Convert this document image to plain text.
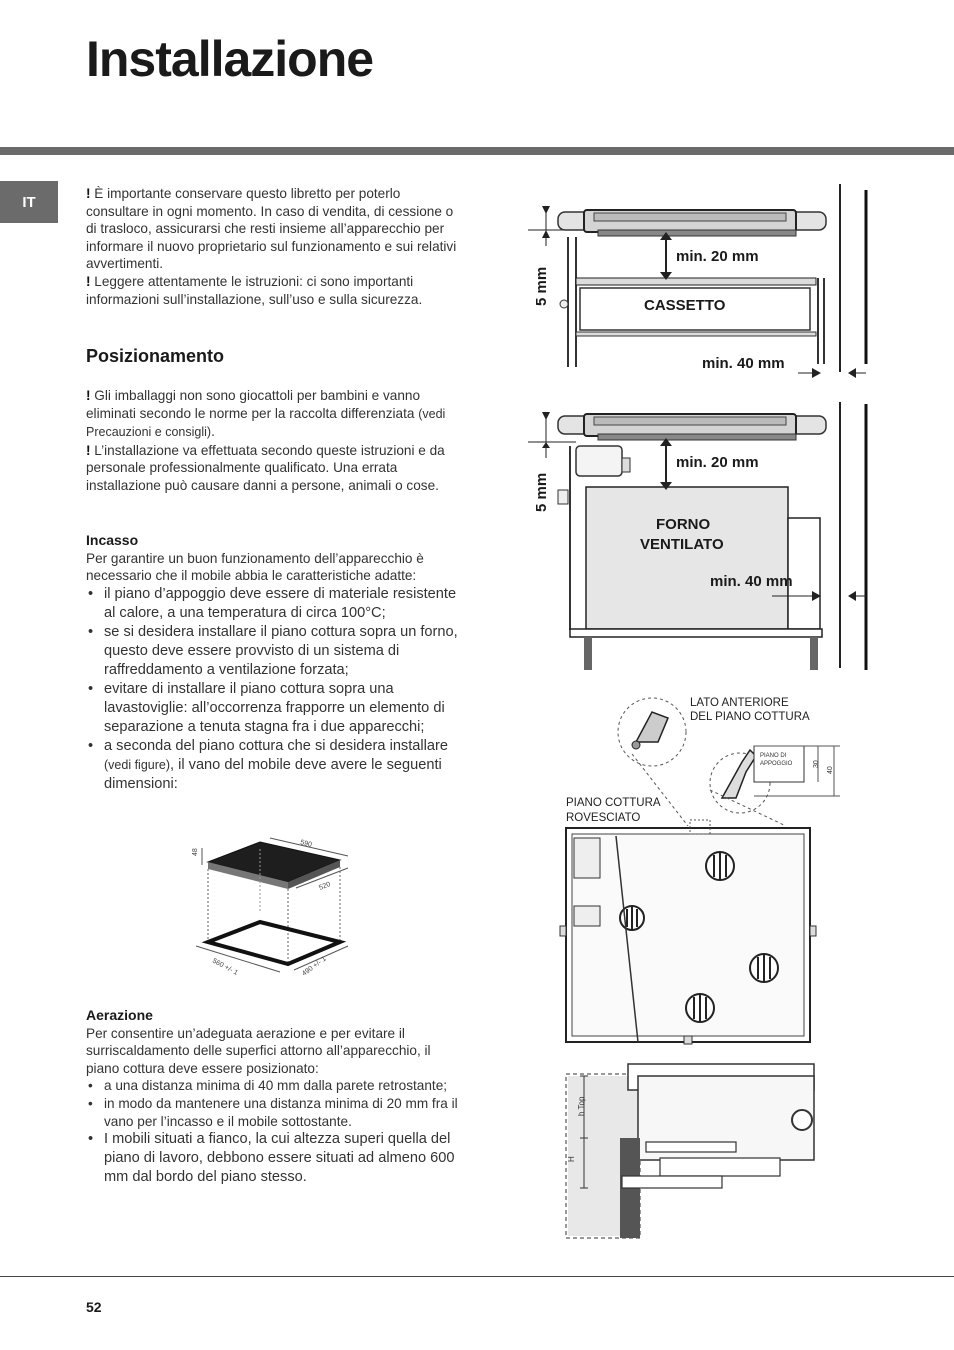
Installazione
IT	! È importante conservare questo libretto per poterlo consultare in ogni momento. In caso di vendita, di cessione o di trasloco, assicurarsi che resti insieme all’apparecchio per informare il nuovo proprietario sul funzionamento e sui relativi avvertimenti.

! Leggere attentamente le istruzioni: ci sono importanti informazioni sull’installazione, sull’uso e sulla sicurezza.

Posizionamento

! Gli imballaggi non sono giocattoli per bambini e vanno eliminati secondo le norme per la raccolta differenziata (vedi Precauzioni e consigli).

! L’installazione va effettuata secondo queste istruzioni e da personale professionalmente qualificato. Una errata installazione può causare danni a persone, animali o cose.

Incasso

Per garantire un buon funzionamento dell’apparecchio è necessario che il mobile abbia le caratteristiche adatte:

• il piano d’appoggio deve essere di materiale resistente al calore, a una temperatura di circa 100°C;
• se si desidera installare il piano cottura sopra un forno, questo deve essere provvisto di un sistema di raffreddamento a ventilazione forzata;
• evitare di installare il piano cottura sopra una lavastoviglie: all’occorrenza frapporre un elemento di separazione a tenuta stagna fra i due apparecchi;
• a seconda del piano cottura che si desidera installare (vedi figure), il vano del mobile deve avere le seguenti dimensioni:
48
590
520
560 +/- 1	490 +/- 1
Aerazione

Per consentire un’adeguata aerazione e per evitare il surriscaldamento delle superfici attorno all’apparecchio, il piano cottura deve essere posizionato:

• a una distanza minima di 40 mm dalla parete retrostante;
• in modo da mantenere una distanza minima di 20 mm fra il vano per l’incasso e il mobile sottostante.
• I mobili situati a fianco, la cui altezza superi quella del piano di lavoro, debbono essere situati ad almeno 600 mm dal bordo del piano stesso.
5 mm
min. 20 mm
CASSETTO
min. 40 mm
5 mm
min. 20 mm
FORNO
VENTILATO
min. 40 mm
30
40
PIANO DI
APPOGGIO
LATO ANTERIORE
DEL PIANO COTTURA
PIANO COTTURA
ROVESCIATO
h Top
H
52
